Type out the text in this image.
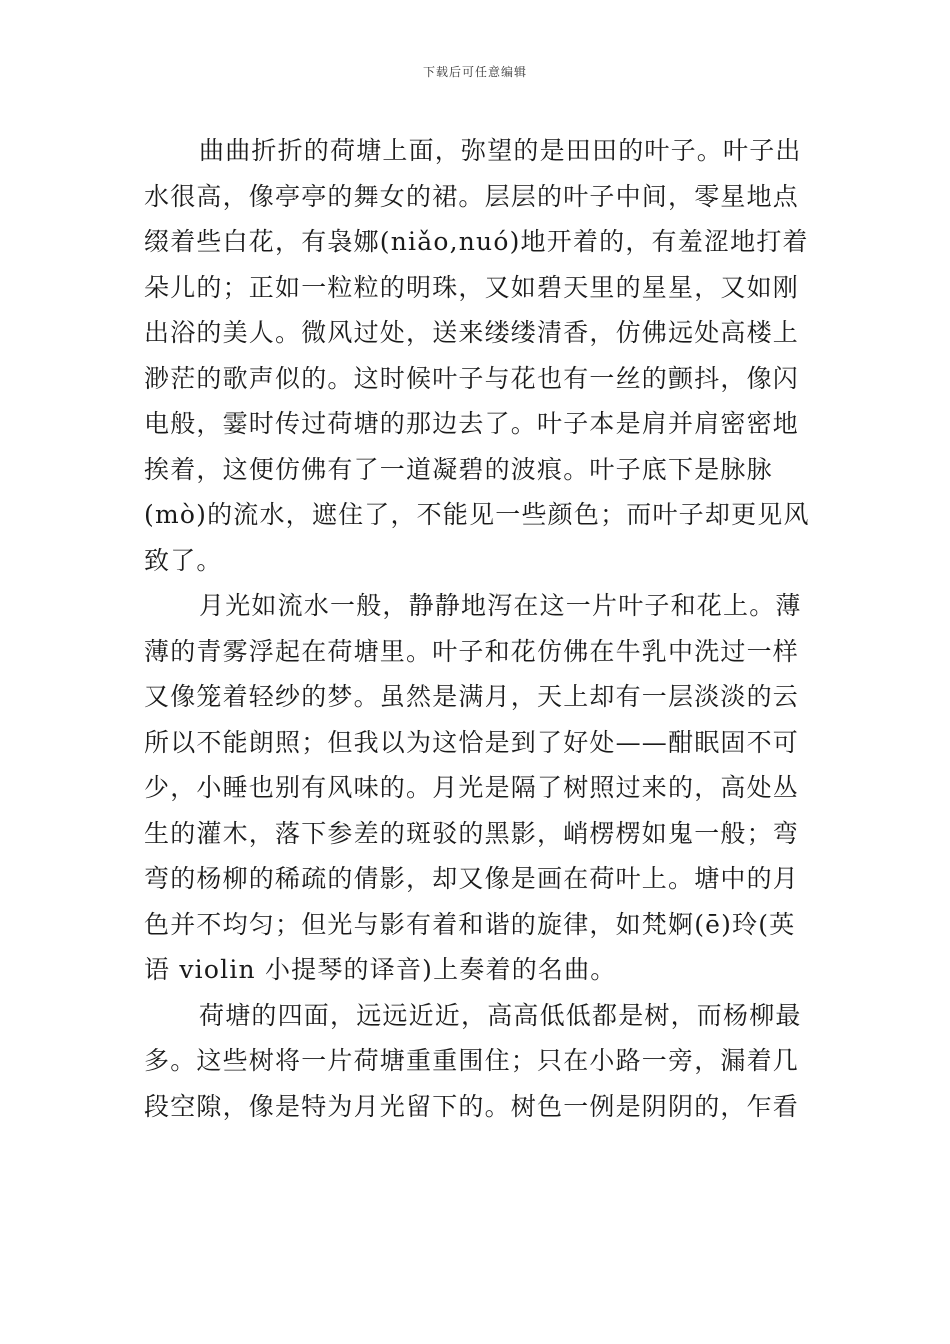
下载后可任意编辑
曲曲折折的荷塘上面，弥望的是田田的叶子。叶子出
水很高，像亭亭的舞女的裙。层层的叶子中间，零星地点
缀着些白花，有袅娜(niǎo,nuó)地开着的，有羞涩地打着
朵儿的；正如一粒粒的明珠，又如碧天里的星星，又如刚
出浴的美人。微风过处，送来缕缕清香，仿佛远处高楼上
渺茫的歌声似的。这时候叶子与花也有一丝的颤抖，像闪
电般，霎时传过荷塘的那边去了。叶子本是肩并肩密密地
挨着，这便仿佛有了一道凝碧的波痕。叶子底下是脉脉
(mò)的流水，遮住了，不能见一些颜色；而叶子却更见风
致了。
月光如流水一般，静静地泻在这一片叶子和花上。薄
薄的青雾浮起在荷塘里。叶子和花仿佛在牛乳中洗过一样
又像笼着轻纱的梦。虽然是满月，天上却有一层淡淡的云
所以不能朗照；但我以为这恰是到了好处——酣眠固不可
少，小睡也别有风味的。月光是隔了树照过来的，高处丛
生的灌木，落下参差的斑驳的黑影，峭楞楞如鬼一般；弯
弯的杨柳的稀疏的倩影，却又像是画在荷叶上。塘中的月
色并不均匀；但光与影有着和谐的旋律，如梵婀(ē)玲(英
语 violin 小提琴的译音)上奏着的名曲。
荷塘的四面，远远近近，高高低低都是树，而杨柳最
多。这些树将一片荷塘重重围住；只在小路一旁，漏着几
段空隙，像是特为月光留下的。树色一例是阴阴的，乍看
